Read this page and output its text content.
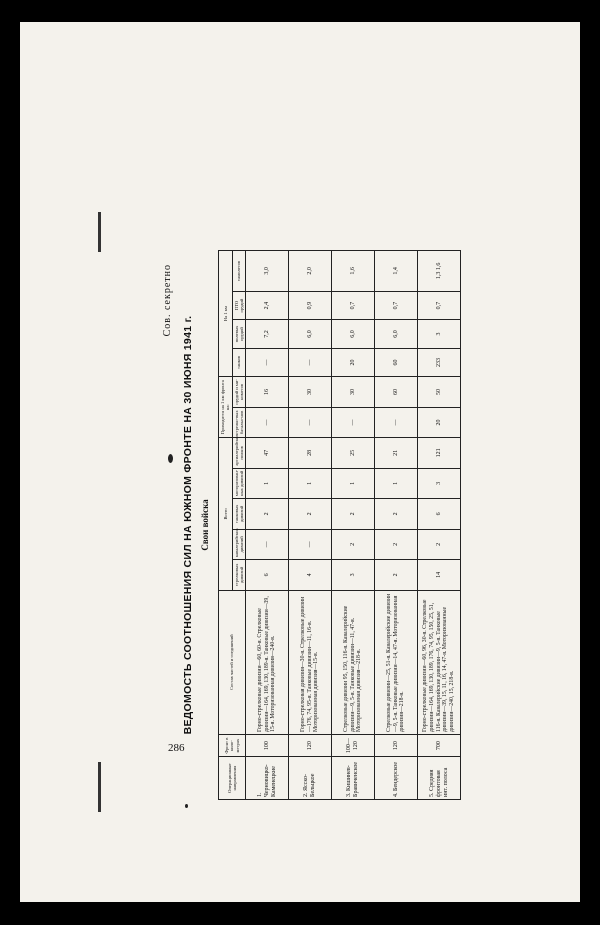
286
Сов. секретно
ВЕДОМОСТЬ СООТНОШЕНИЯ СИЛ НА ЮЖНОМ ФРОНТЕ НА 30 ИЮНЯ 1941 г. Свои войска
Операционные направления	Фронт в кило-метрах	Состав частей и соединений	Всего					Приходится на 1 км фронта на:		На 1 км			
			стрелковых дивизий	кавалерийских дивизий	танковых дивизий	моторизован-ных дивизий	артиллерийских полков	стрелко-вых батальо-нов	орудий и ми-нометов	танков	полевых орудий	ПТО орудий	самолетов
1. Черновицко-Каменецкие	100	Горно-стрелковые дивизии—60, 60-я. Стрелковые дивизии—164, 169, 130, 189-я. Танковые дивизии—39, 15-я. Моторизованная дивизия—240-я.	6	—	2	1	47	—	16	—	7,2	2,4	3,0
2. Ясско-Бельцкое	120	Горно-стрелковая дивизия—30-я. Стрелковые дивизии—176, 74, 95-я. Танковые дивизии—11, 16-я. Моторизованная дивизия—15-я.	4	—	2	1	28	—	30	—	6,0	0,9	2,0
3. Кишинев-Бравиченское	100—120	Стрелковые дивизии 95, 150, 116-я. Кавалерийские дивизии—9, 5-я. Танковые дивизии—11, 47-я. Моторизованная дивизия—218-я.	3	2	2	1	25	—	30	20	6,0	0,7	1,6
4. Бендерское	120	Стрелковые дивизии—25, 51-я. Кавалерийские дивизии—9, 5-я. Танковые дивизии—14, 47-я. Моторизованная дивизия—218-я.	2	2	2	1	21	—	60	60	6,0	0,7	1,4
5. Средняя фронтовая инт. полоса	700	Горно-стрелковые дивизии—60, 96, 30-я. Стрелковые дивизии—164, 169, 130, 189, 176, 74, 95, 150, 25, 51, 116-я. Кавалерийские дивизии—9, 5-я. Танковые дивизии—39, 15, 11, 16, 14, 47-я. Моторизованные дивизии—240, 15, 218-я.	14	2	6	3	121	20	50	233	3	0,7	1,3 1,6
